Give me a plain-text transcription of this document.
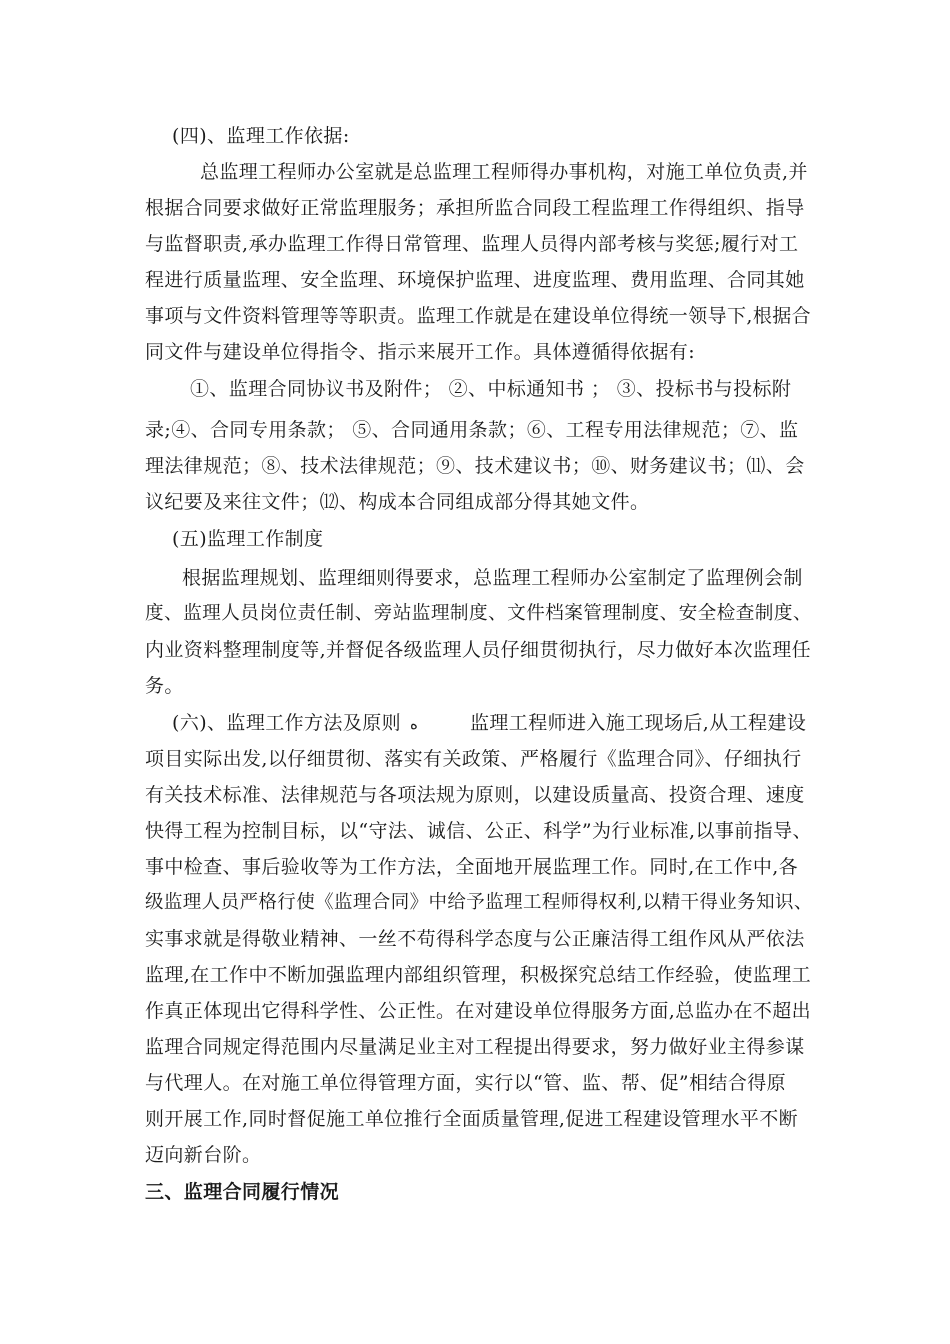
(四)、监理工作依据:
总监理工程师办公室就是总监理工程师得办事机构，对施工单位负责,并
根据合同要求做好正常监理服务；承担所监合同段工程监理工作得组织、指导
与监督职责,承办监理工作得日常管理、监理人员得内部考核与奖惩;履行对工
程进行质量监理、安全监理、环境保护监理、进度监理、费用监理、合同其她
事项与文件资料管理等等职责。监理工作就是在建设单位得统一领导下,根据合
同文件与建设单位得指令、指示来展开工作。具体遵循得依据有:
①、监理合同协议书及附件； ②、中标通知书 ； ③、投标书与投标附
录;④、合同专用条款； ⑤、合同通用条款；⑥、工程专用法律规范；⑦、监
理法律规范；⑧、技术法律规范；⑨、技术建议书；⑩、财务建议书；⑾、会
议纪要及来往文件；⑿、构成本合同组成部分得其她文件。
(五)监理工作制度
根据监理规划、监理细则得要求，总监理工程师办公室制定了监理例会制
度、监理人员岗位责任制、旁站监理制度、文件档案管理制度、安全检查制度、
内业资料整理制度等,并督促各级监理人员仔细贯彻执行，尽力做好本次监理任
务。
(六)、监理工作方法及原则 ه	监理工程师进入施工现场后,从工程建设
项目实际出发,以仔细贯彻、落实有关政策、严格履行《监理合同》、仔细执行
有关技术标准、法律规范与各项法规为原则，以建设质量高、投资合理、速度
快得工程为控制目标，以“守法、诚信、公正、科学”为行业标准,以事前指导、
事中检查、事后验收等为工作方法，全面地开展监理工作。同时,在工作中,各
级监理人员严格行使《监理合同》中给予监理工程师得权利,以精干得业务知识、
实事求就是得敬业精神、一丝不苟得科学态度与公正廉洁得工组作风从严依法
监理,在工作中不断加强监理内部组织管理，积极探究总结工作经验，使监理工
作真正体现出它得科学性、公正性。在对建设单位得服务方面,总监办在不超出
监理合同规定得范围内尽量满足业主对工程提出得要求，努力做好业主得参谋
与代理人。在对施工单位得管理方面，实行以“管、监、帮、促”相结合得原
则开展工作,同时督促施工单位推行全面质量管理,促进工程建设管理水平不断
迈向新台阶。
三、监理合同履行情况
